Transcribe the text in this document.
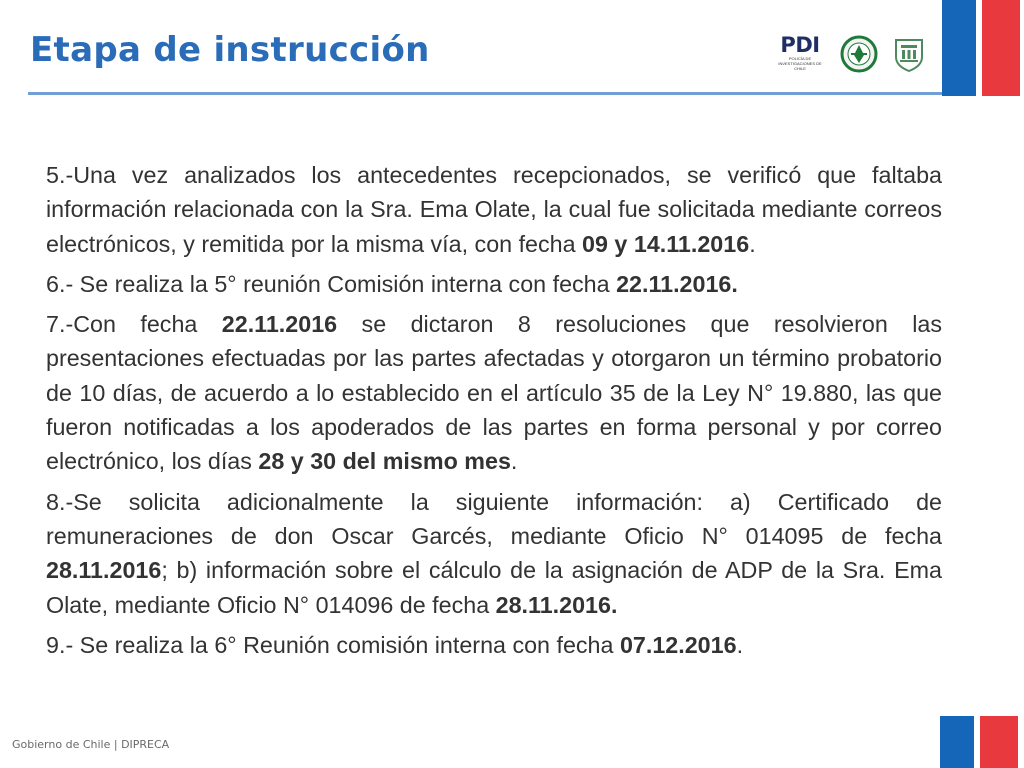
Etapa de instrucción	PDI
POLICÍA DE INVESTIGACIONES DE CHILE

5.-Una vez analizados los antecedentes recepcionados, se verificó que faltaba información relacionada con la Sra. Ema Olate, la cual fue solicitada mediante correos electrónicos, y remitida por la misma vía, con fecha 09 y 14.11.2016.

6.- Se realiza la 5° reunión Comisión interna con fecha 22.11.2016.

7.-Con fecha 22.11.2016 se dictaron 8 resoluciones que resolvieron las presentaciones efectuadas por las partes afectadas y otorgaron un término probatorio de 10 días, de acuerdo a lo establecido en el artículo 35 de la Ley N° 19.880, las que fueron notificadas a los apoderados de las partes en forma personal y por correo electrónico, los días 28 y 30 del mismo mes.

8.-Se solicita adicionalmente la siguiente información: a) Certificado de remuneraciones de don Oscar Garcés, mediante Oficio N° 014095 de fecha 28.11.2016; b) información sobre el cálculo de la asignación de ADP de la Sra. Ema Olate, mediante Oficio N° 014096 de fecha 28.11.2016.

9.- Se realiza la 6° Reunión comisión interna con fecha 07.12.2016.

Gobierno de Chile | DIPRECA
